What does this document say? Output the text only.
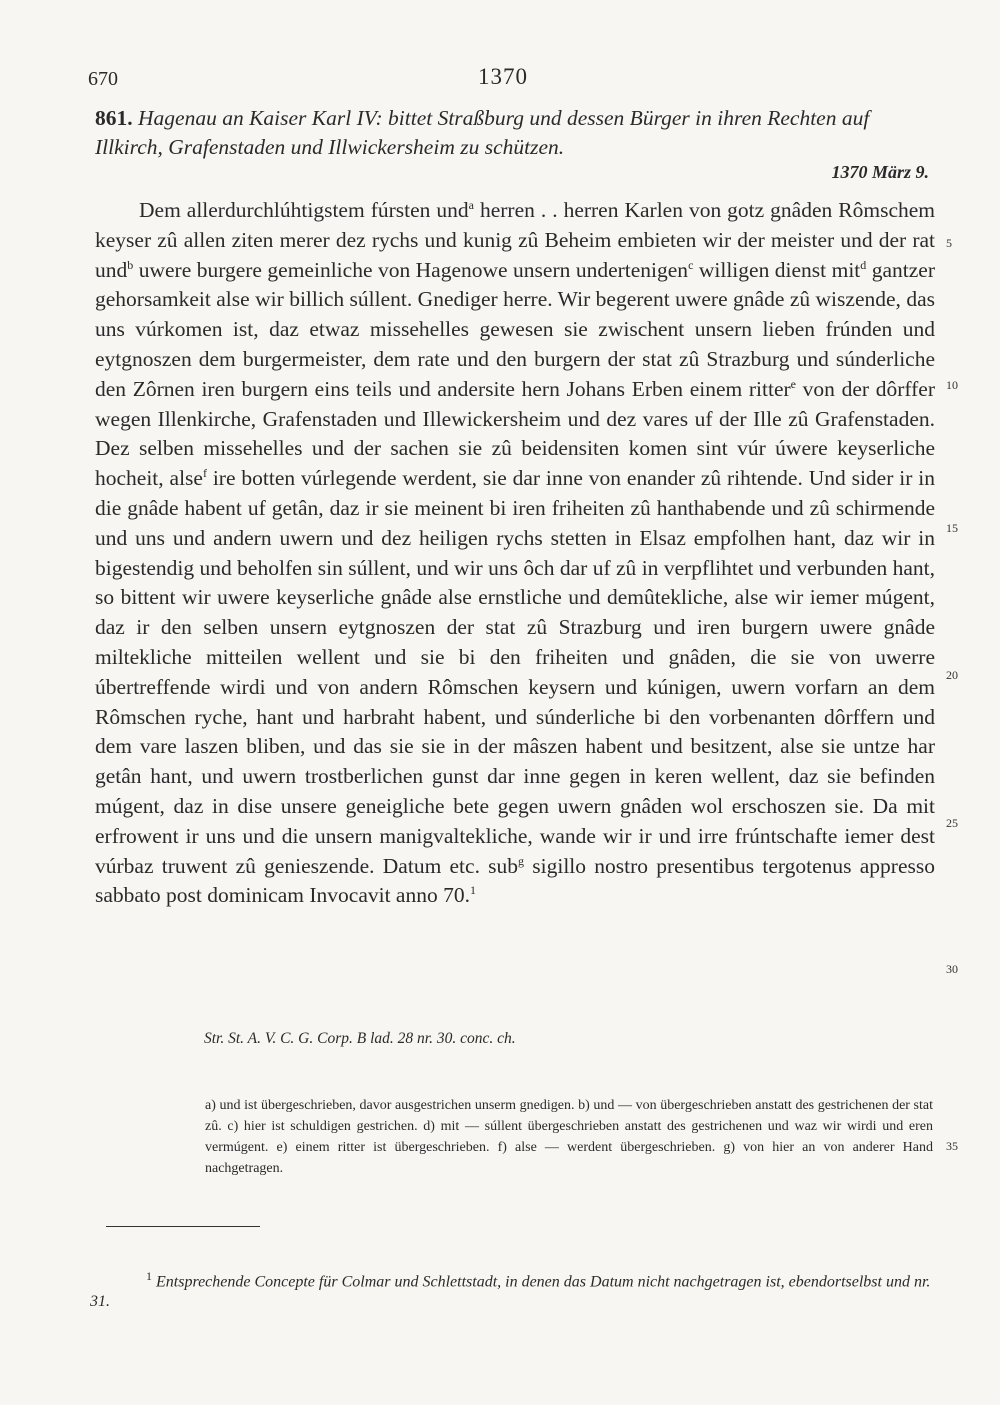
670	1370
861. Hagenau an Kaiser Karl IV: bittet Straßburg und dessen Bürger in ihren Rechten auf Illkirch, Grafenstaden und Illwickersheim zu schützen.
1370 März 9.

Dem allerdurchlúhtigstem fúrsten und$^a$ herren . . herren Karlen von gotz gnâden Rômschem keyser zû allen ziten merer dez rychs und kunig zû Beheim embieten wir der meister und der rat und$^b$ uwere burgere gemeinliche von Hagenowe unsern undertenigen$^c$ willigen dienst mit$^d$ gantzer gehorsamkeit alse wir billich súllent. Gnediger herre. Wir begerent uwere gnâde zû wiszende, das uns vúrkomen ist, daz etwaz missehelles gewesen sie zwischent unsern lieben frúnden und eytgnoszen dem burgermeister, dem rate und den burgern der stat zû Strazburg und súnderliche den Zôrnen iren burgern eins teils und andersite hern Johans Erben einem ritter$^e$ von der dôrffer wegen Illenkirche, Grafenstaden und Illewickersheim und dez vares uf der Ille zû Grafenstaden. Dez selben missehelles und der sachen sie zû beidensiten komen sint vúr úwere keyserliche hocheit, alse$^f$ ire botten vúrlegende werdent, sie dar inne von enander zû rihtende. Und sider ir in die gnâde habent uf getân, daz ir sie meinent bi iren friheiten zû hanthabende und zû schirmende und uns und andern uwern und dez heiligen rychs stetten in Elsaz empfolhen hant, daz wir in bigestendig und beholfen sin súllent, und wir uns ôch dar uf zû in verpflihtet und verbunden hant, so bittent wir uwere keyserliche gnâde alse ernstliche und demûtekliche, alse wir iemer múgent, daz ir den selben unsern eytgnoszen der stat zû Strazburg und iren burgern uwere gnâde miltekliche mitteilen wellent und sie bi den friheiten und gnâden, die sie von uwerre úbertreffende wirdi und von andern Rômschen keysern und kúnigen, uwern vorfarn an dem Rômschen ryche, hant und harbraht habent, und súnderliche bi den vorbenanten dôrffern und dem vare laszen bliben, und das sie sie in der mâszen habent und besitzent, alse sie untze har getân hant, und uwern trostberlichen gunst dar inne gegen in keren wellent, daz sie befinden múgent, daz in dise unsere geneigliche bete gegen uwern gnâden wol erschoszen sie. Da mit erfrowent ir uns und die unsern manigvaltekliche, wande wir ir und irre frúntschafte iemer dest vúrbaz truwent zû genieszende. Datum etc. sub$^g$ sigillo nostro presentibus tergotenus appresso sabbato post dominicam Invocavit anno 70.$^1$

5
10
15
20
25
30
35
Str. St. A. V. C. G. Corp. B lad. 28 nr. 30. conc. ch.

a) und ist übergeschrieben, davor ausgestrichen unserm gnedigen. b) und — von übergeschrieben anstatt des gestrichenen der stat zû. c) hier ist schuldigen gestrichen. d) mit — súllent übergeschrieben anstatt des gestrichenen und waz wir wirdi und eren vermúgent. e) einem ritter ist übergeschrieben. f) alse — werdent übergeschrieben. g) von hier an von anderer Hand nachgetragen.

$^1$ Entsprechende Concepte für Colmar und Schlettstadt, in denen das Datum nicht nachgetragen ist, ebendortselbst und nr. 31.
